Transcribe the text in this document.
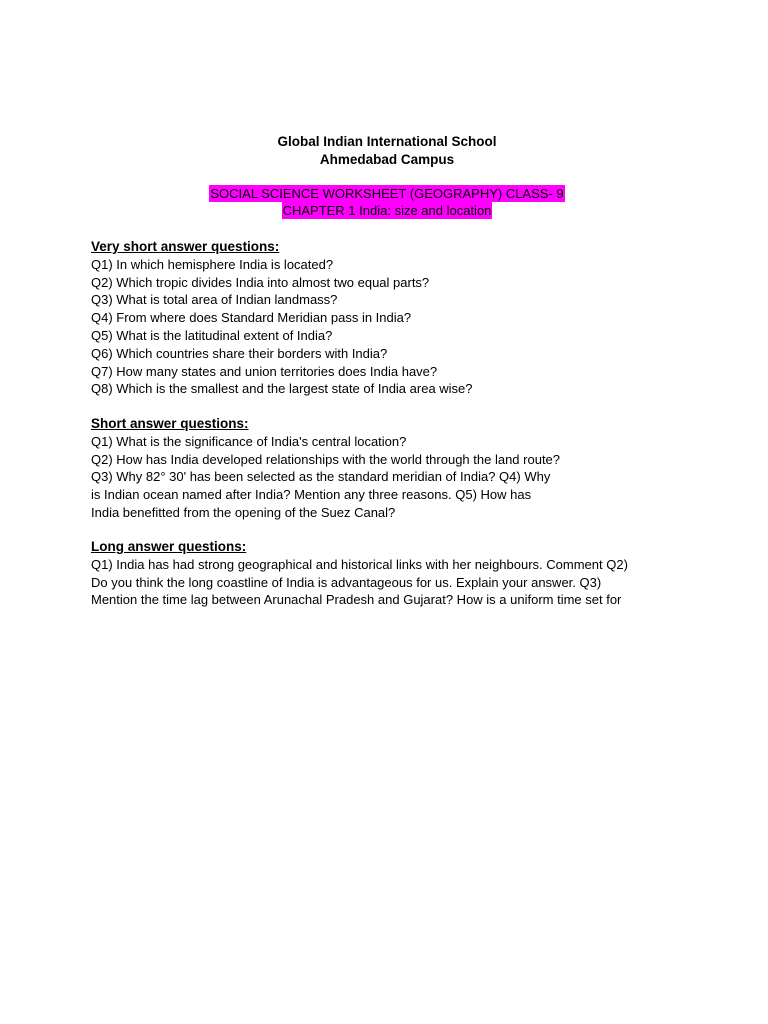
Global Indian International School
Ahmedabad Campus
SOCIAL SCIENCE WORKSHEET (GEOGRAPHY) CLASS- 9
CHAPTER 1 India: size and location
Very short answer questions:
Q1) In which hemisphere India is located?
Q2) Which tropic divides India into almost two equal parts?
Q3) What is total area of Indian landmass?
Q4) From where does Standard Meridian pass in India?
Q5) What is the latitudinal extent of India?
Q6) Which countries share their borders with India?
Q7) How many states and union territories does India have?
Q8) Which is the smallest and the largest state of India area wise?
Short answer questions:
Q1) What is the significance of India's central location?
Q2) How has India developed relationships with the world through the land route?
Q3) Why 82° 30' has been selected as the standard meridian of India? Q4) Why
is Indian ocean named after India? Mention any three reasons. Q5) How has
India benefitted from the opening of the Suez Canal?
Long answer questions:
Q1) India has had strong geographical and historical links with her neighbours. Comment Q2)
Do you think the long coastline of India is advantageous for us. Explain your answer. Q3)
Mention the time lag between Arunachal Pradesh and Gujarat? How is a uniform time set for
